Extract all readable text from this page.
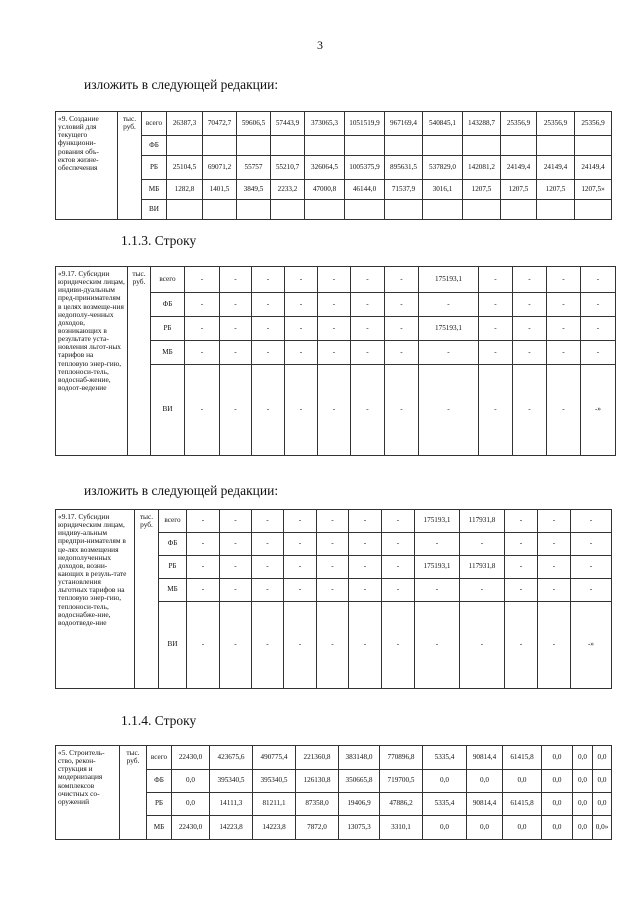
3
изложить в следующей редакции:
«9. Создание условий для текущего функциони-рования объ-ектов жизне-обеспечения	тыс. руб.	всего	26387,3	70472,7	59606,5	57443,9	373065,3	1051519,9	967169,4	540845,1	143288,7	25356,9	25356,9	25356,9
		ФБ												
		РБ	25104,5	69071,2	55757	55210,7	326064,5	1005375,9	895631,5	537829,0	142081,2	24149,4	24149,4	24149,4
		МБ	1282,8	1401,5	3849,5	2233,2	47000,8	46144,0	71537,9	3016,1	1207,5	1207,5	1207,5	1207,5»
		ВИ												
1.1.3. Строку
«9.17. Субсидии юридическим лицам, индиви-дуальным пред-принимателям в целях возмеще-ния недополу-ченных доходов, возникающих в результате уста-новления льгот-ных тарифов на тепловую энер-гию, теплоноси-тель, водоснаб-жение, водоот-ведение	тыс. руб.	всего	-	-	-	-	-	-	-	175193,1	-	-	-	-
		ФБ	-	-	-	-	-	-	-	-	-	-	-	-
		РБ	-	-	-	-	-	-	-	175193,1	-	-	-	-
		МБ	-	-	-	-	-	-	-	-	-	-	-	-
		ВИ	-	-	-	-	-	-	-	-	-	-	-	-»
изложить в следующей редакции:
«9.17. Субсидии юридическим лицам, индиву-альным предпри-нимателям в це-лях возмещения недополученных доходов, возни-кающих в резуль-тате установления льготных тарифов на тепловую энер-гию, теплоноси-тель, водоснабже-ние, водоотведе-ние	тыс. руб.	всего	-	-	-	-	-	-	-	175193,1	117931,8	-	-	-
		ФБ	-	-	-	-	-	-	-	-	-	-	-	-
		РБ	-	-	-	-	-	-	-	175193,1	117931,8	-	-	-
		МБ	-	-	-	-	-	-	-	-	-	-	-	-
		ВИ	-	-	-	-	-	-	-	-	-	-	-	-»
1.1.4. Строку
«5. Строитель-ство, рекон-струкция и модернизация комплексов очистных со-оружений	тыс. руб.	всего	22430,0	423675,6	490775,4	221360,8	383148,0	770896,8	5335,4	90814,4	61415,8	0,0	0,0	0,0
		ФБ	0,0	395340,5	395340,5	126130,8	350665,8	719700,5	0,0	0,0	0,0	0,0	0,0	0,0
		РБ	0,0	14111,3	81211,1	87358,0	19406,9	47886,2	5335,4	90814,4	61415,8	0,0	0,0	0,0
		МБ	22430,0	14223,8	14223,8	7872,0	13075,3	3310,1	0,0	0,0	0,0	0,0	0,0	0,0»
